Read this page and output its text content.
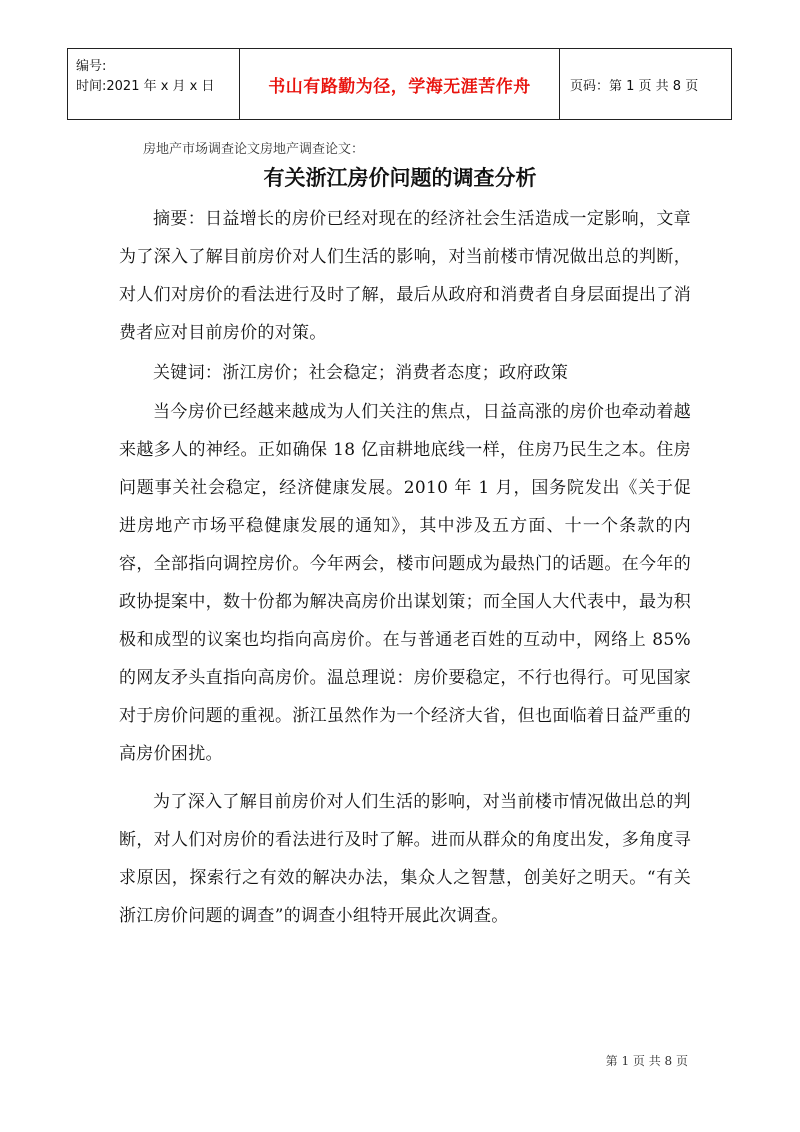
编号:
时间:2021 年 x 月 x 日	书山有路勤为径，学海无涯苦作舟	页码：第 1 页 共 8 页
房地产市场调查论文房地产调查论文：
有关浙江房价问题的调查分析

摘要：日益增长的房价已经对现在的经济社会生活造成一定影响，文章为了深入了解目前房价对人们生活的影响，对当前楼市情况做出总的判断，对人们对房价的看法进行及时了解，最后从政府和消费者自身层面提出了消费者应对目前房价的对策。

关键词：浙江房价；社会稳定；消费者态度；政府政策

当今房价已经越来越成为人们关注的焦点，日益高涨的房价也牵动着越来越多人的神经。正如确保 18 亿亩耕地底线一样，住房乃民生之本。住房问题事关社会稳定，经济健康发展。2010 年 1 月，国务院发出《关于促进房地产市场平稳健康发展的通知》，其中涉及五方面、十一个条款的内容，全部指向调控房价。今年两会，楼市问题成为最热门的话题。在今年的政协提案中，数十份都为解决高房价出谋划策；而全国人大代表中，最为积极和成型的议案也均指向高房价。在与普通老百姓的互动中，网络上 85%的网友矛头直指向高房价。温总理说：房价要稳定，不行也得行。可见国家对于房价问题的重视。浙江虽然作为一个经济大省，但也面临着日益严重的高房价困扰。

为了深入了解目前房价对人们生活的影响，对当前楼市情况做出总的判断，对人们对房价的看法进行及时了解。进而从群众的角度出发，多角度寻求原因，探索行之有效的解决办法，集众人之智慧，创美好之明天。“有关浙江房价问题的调查”的调查小组特开展此次调查。

第 1 页 共 8 页
